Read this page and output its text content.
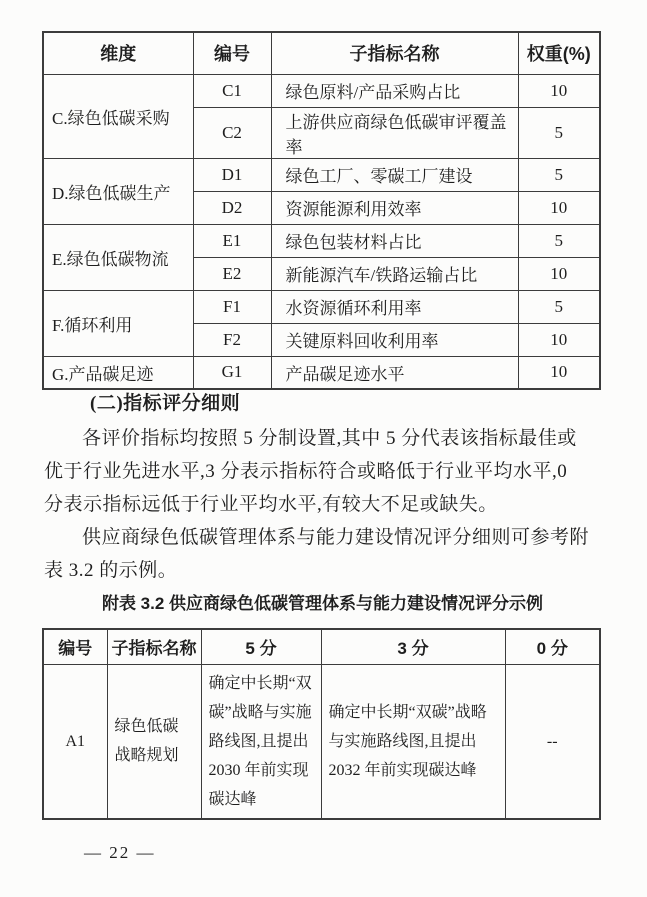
维度	编号	子指标名称	权重(%)
C.绿色低碳采购	C1	绿色原料/产品采购占比	10
	C2	上游供应商绿色低碳审评覆盖率	5
D.绿色低碳生产	D1	绿色工厂、零碳工厂建设	5
	D2	资源能源利用效率	10
E.绿色低碳物流	E1	绿色包装材料占比	5
	E2	新能源汽车/铁路运输占比	10
F.循环利用	F1	水资源循环利用率	5
	F2	关键原料回收利用率	10
G.产品碳足迹	G1	产品碳足迹水平	10
(二)指标评分细则
各评价指标均按照 5 分制设置,其中 5 分代表该指标最佳或
优于行业先进水平,3 分表示指标符合或略低于行业平均水平,0
分表示指标远低于行业平均水平,有较大不足或缺失。
供应商绿色低碳管理体系与能力建设情况评分细则可参考附
表 3.2 的示例。
附表 3.2 供应商绿色低碳管理体系与能力建设情况评分示例
编号	子指标名称	5 分	3 分	0 分
A1	绿色低碳战略规划	确定中长期“双碳”战略与实施路线图,且提出 2030 年前实现碳达峰	确定中长期“双碳”战略与实施路线图,且提出 2032 年前实现碳达峰	--
— 22 —
